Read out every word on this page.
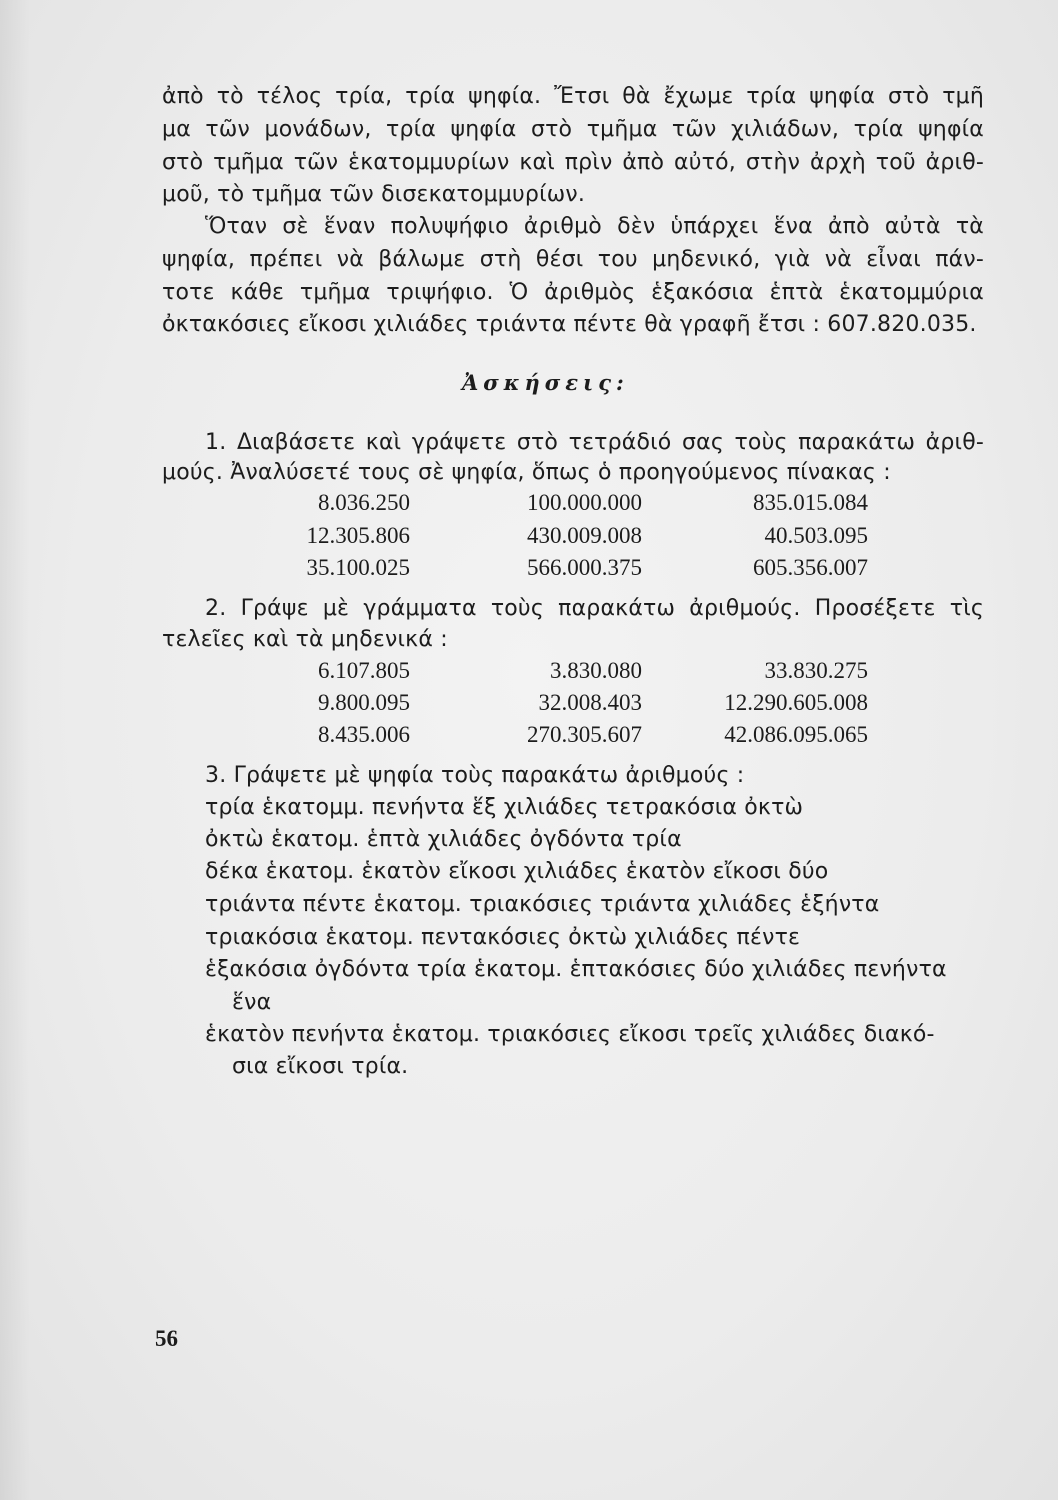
ἀπὸ τὸ τέλος τρία, τρία ψηφία. Ἔτσι θὰ ἔχωμε τρία ψηφία στὸ τμῆ
μα τῶν μονάδων, τρία ψηφία στὸ τμῆμα τῶν χιλιάδων, τρία ψηφία
στὸ τμῆμα τῶν ἑκατομμυρίων καὶ πρὶν ἀπὸ αὐτό, στὴν ἀρχὴ τοῦ ἀριθ-
μοῦ, τὸ τμῆμα τῶν δισεκατομμυρίων.
Ὅταν σὲ ἕναν πολυψήφιο ἀριθμὸ δὲν ὑπάρχει ἕνα ἀπὸ αὐτὰ τὰ
ψηφία, πρέπει νὰ βάλωμε στὴ θέσι του μηδενικό, γιὰ νὰ εἶναι πάν-
τοτε κάθε τμῆμα τριψήφιο. Ὁ ἀριθμὸς ἑξακόσια ἑπτὰ ἑκατομμύρια
ὀκτακόσιες εἴκοσι χιλιάδες τριάντα πέντε θὰ γραφῆ ἔτσι : 607.820.035.
Ἀσκήσεις:
1. Διαβάσετε καὶ γράψετε στὸ τετράδιό σας τοὺς παρακάτω ἀριθ-
μούς. Ἀναλύσετέ τους σὲ ψηφία, ὅπως ὁ προηγούμενος πίνακας :
8.036.250	100.000.000	835.015.084
12.305.806	430.009.008	40.503.095
35.100.025	566.000.375	605.356.007
2. Γράψε μὲ γράμματα τοὺς παρακάτω ἀριθμούς. Προσέξετε τὶς
τελεῖες καὶ τὰ μηδενικά :
6.107.805	3.830.080	33.830.275
9.800.095	32.008.403	12.290.605.008
8.435.006	270.305.607	42.086.095.065
3. Γράψετε μὲ ψηφία τοὺς παρακάτω ἀριθμούς :
τρία ἑκατομμ. πενήντα ἕξ χιλιάδες τετρακόσια ὀκτὼ
ὀκτὼ ἑκατομ. ἑπτὰ χιλιάδες ὀγδόντα τρία
δέκα ἑκατομ. ἑκατὸν εἴκοσι χιλιάδες ἑκατὸν εἴκοσι δύο
τριάντα πέντε ἑκατομ. τριακόσιες τριάντα χιλιάδες ἑξήντα
τριακόσια ἑκατομ. πεντακόσιες ὀκτὼ χιλιάδες πέντε
ἑξακόσια ὀγδόντα τρία ἑκατομ. ἑπτακόσιες δύο χιλιάδες πενήντα
ἕνα
ἑκατὸν πενήντα ἑκατομ. τριακόσιες εἴκοσι τρεῖς χιλιάδες διακό-
σια εἴκοσι τρία.
56
